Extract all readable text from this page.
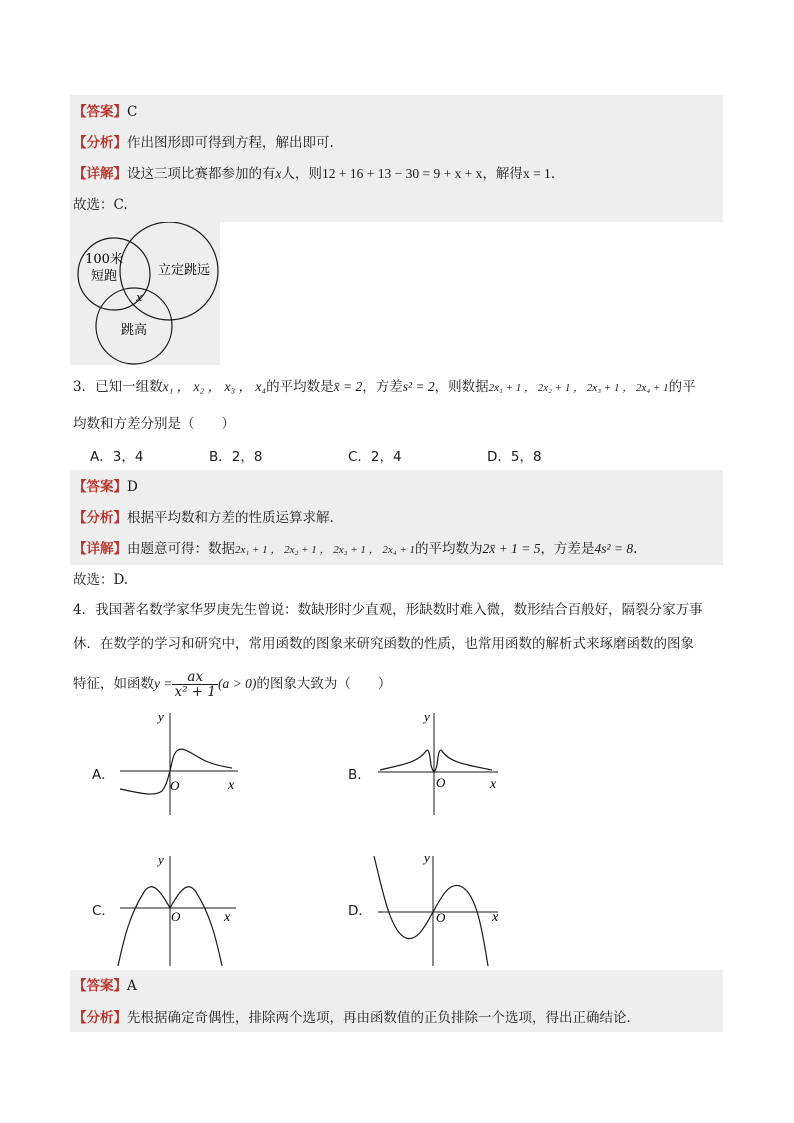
【答案】C
【分析】作出图形即可得到方程，解出即可.
【详解】设这三项比赛都参加的有x人，则12 + 16 + 13 − 30 = 9 + x + x，解得x = 1．
故选：C.
100米
短跑	立定跳远
跳高
x
3．已知一组数x₁ ， x₂ ， x₃ ， x₄的平均数是x̄ = 2，方差s² = 2，则数据2x₁ + 1 ， 2x₂ + 1 ， 2x₃ + 1 ， 2x₄ + 1的平
均数和方差分别是（　　）
A．3，4	B．2，8	C．2，4	D．5，8
【答案】D
【分析】根据平均数和方差的性质运算求解.
【详解】由题意可得：数据2x₁ + 1 ， 2x₂ + 1 ， 2x₃ + 1 ， 2x₄ + 1的平均数为2x̄ + 1 = 5，方差是4s² = 8.
故选：D.
4．我国著名数学家华罗庚先生曾说：数缺形时少直观，形缺数时难入微，数形结合百般好，隔裂分家万事
休．在数学的学习和研究中，常用函数的图象来研究函数的性质，也常用函数的解析式来琢磨函数的图象
特征，如函数$y = \frac{ax}{\text{x² + 1}} (a > 0)$的图象大致为（　　）
A．	B．
C．	D．
y
x
O
y
x
O
y
x
O
y
x
O
【答案】A
【分析】先根据确定奇偶性，排除两个选项，再由函数值的正负排除一个选项，得出正确结论．
